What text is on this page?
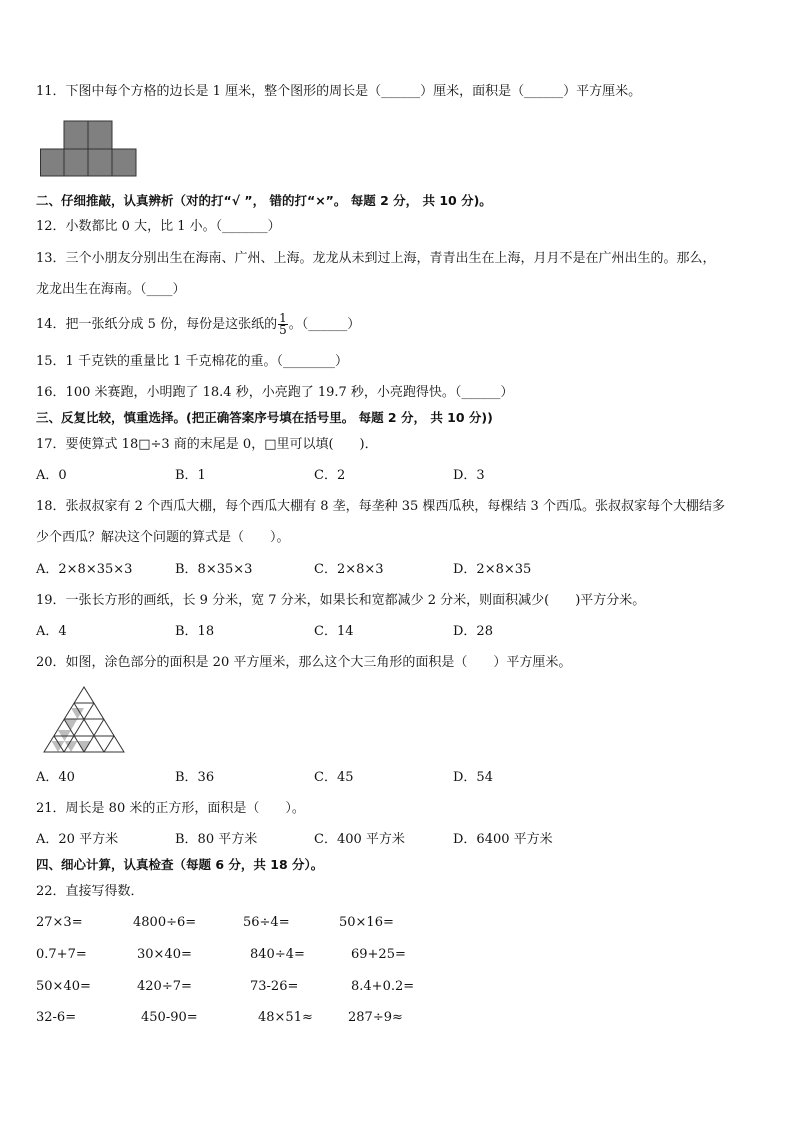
11．下图中每个方格的边长是 1 厘米，整个图形的周长是（______）厘米，面积是（______）平方厘米。
二、仔细推敲，认真辨析（对的打“√ ”， 错的打“×”。 每题 2 分， 共 10 分)。
12．小数都比 0 大，比 1 小。（_______）
13．三个小朋友分别出生在海南、广州、上海。龙龙从未到过上海，青青出生在上海，月月不是在广州出生的。那么，
龙龙出生在海南。（____）
14．把一张纸分成 5 份，每份是这张纸的 $\frac{1}{5}$ 。（______）
15．1 千克铁的重量比 1 千克棉花的重。（________）
16．100 米赛跑，小明跑了 18.4 秒，小亮跑了 19.7 秒，小亮跑得快。（______）
三、反复比较，慎重选择。(把正确答案序号填在括号里。 每题 2 分， 共 10 分))
17．要使算式 18□÷3 商的末尾是 0，□里可以填(　　)．
A．0	B．1	C．2	D．3
18．张叔叔家有 2 个西瓜大棚，每个西瓜大棚有 8 垄，每垄种 35 棵西瓜秧，每棵结 3 个西瓜。张叔叔家每个大棚结多
少个西瓜？解决这个问题的算式是（　　）。
A．2×8×35×3	B．8×35×3	C．2×8×3	D．2×8×35
19．一张长方形的画纸，长 9 分米，宽 7 分米，如果长和宽都减少 2 分米，则面积减少(　　)平方分米。
A．4	B．18	C．14	D．28
20．如图，涂色部分的面积是 20 平方厘米，那么这个大三角形的面积是（　　）平方厘米。
A．40	B．36	C．45	D．54
21．周长是 80 米的正方形，面积是（　　）。
A．20 平方米	B．80 平方米	C．400 平方米	D．6400 平方米
四、细心计算，认真检查（每题 6 分，共 18 分）。
22．直接写得数．
27×3=	4800÷6=	56÷4=	50×16=
0.7+7=	30×40=	840÷4=	69+25=
50×40=	420÷7=	73-26=	8.4+0.2=
32-6=	450-90=	48×51≈	287÷9≈
